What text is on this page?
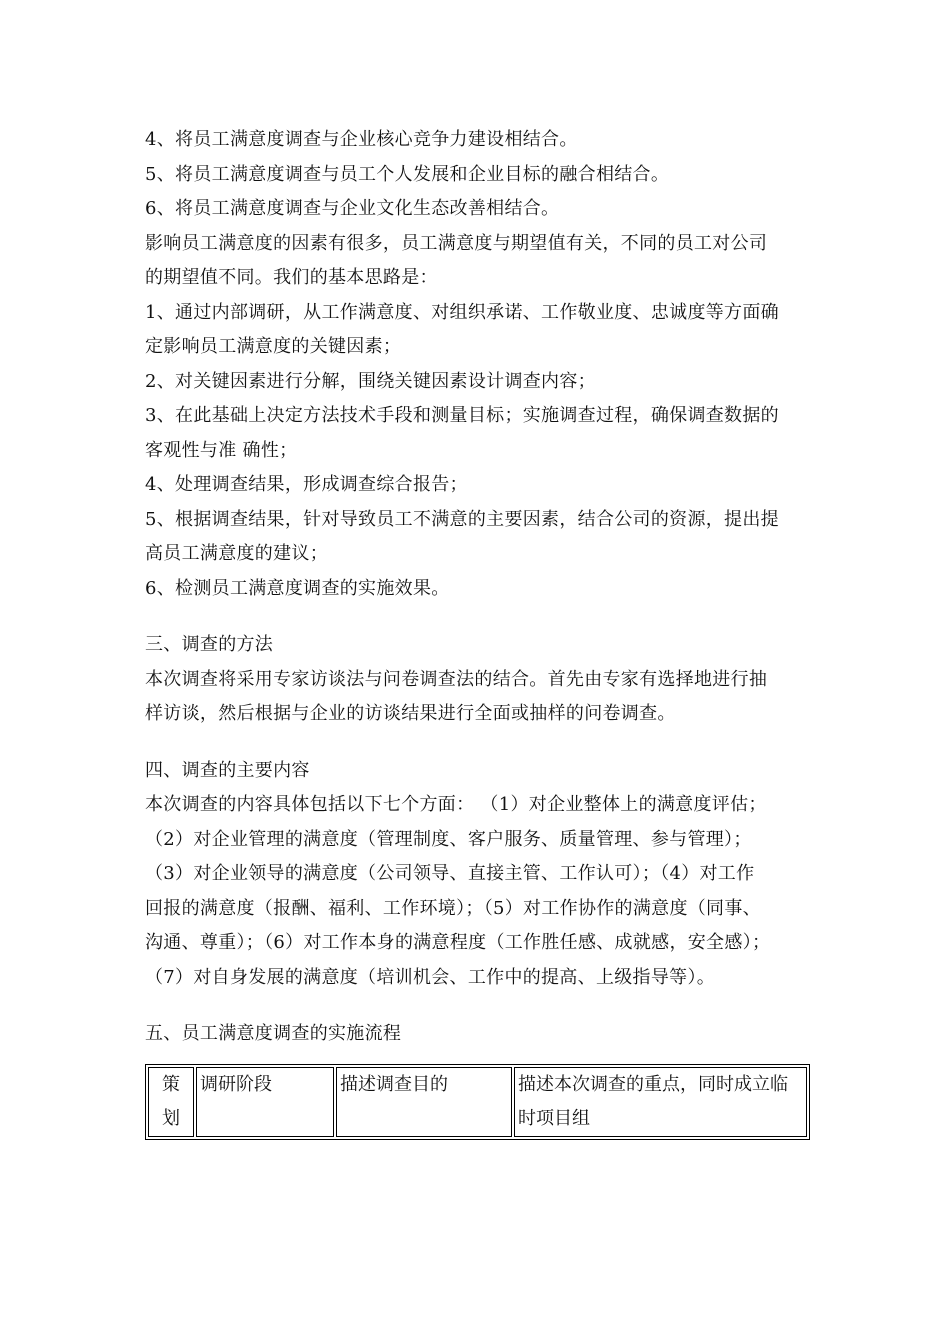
4、将员工满意度调查与企业核心竞争力建设相结合。
5、将员工满意度调查与员工个人发展和企业目标的融合相结合。
6、将员工满意度调查与企业文化生态改善相结合。
影响员工满意度的因素有很多，员工满意度与期望值有关，不同的员工对公司
的期望值不同。我们的基本思路是：
1、通过内部调研，从工作满意度、对组织承诺、工作敬业度、忠诚度等方面确
定影响员工满意度的关键因素；
2、对关键因素进行分解，围绕关键因素设计调查内容；
3、在此基础上决定方法技术手段和测量目标；实施调查过程，确保调查数据的
客观性与准 确性；
4、处理调查结果，形成调查综合报告；
5、根据调查结果，针对导致员工不满意的主要因素，结合公司的资源，提出提
高员工满意度的建议；
6、检测员工满意度调查的实施效果。
三、调查的方法
本次调查将采用专家访谈法与问卷调查法的结合。首先由专家有选择地进行抽
样访谈，然后根据与企业的访谈结果进行全面或抽样的问卷调查。
四、调查的主要内容
本次调查的内容具体包括以下七个方面： （1）对企业整体上的满意度评估；
（2）对企业管理的满意度（管理制度、客户服务、质量管理、参与管理）；
（3）对企业领导的满意度（公司领导、直接主管、工作认可）；（4）对工作
回报的满意度（报酬、福利、工作环境）；（5）对工作协作的满意度（同事、
沟通、尊重）；（6）对工作本身的满意程度（工作胜任感、成就感，安全感）；
（7）对自身发展的满意度（培训机会、工作中的提高、上级指导等）。
五、员工满意度调查的实施流程
策
划
	调研阶段	描述调查目的	描述本次调查的重点，同时成立临
时项目组
